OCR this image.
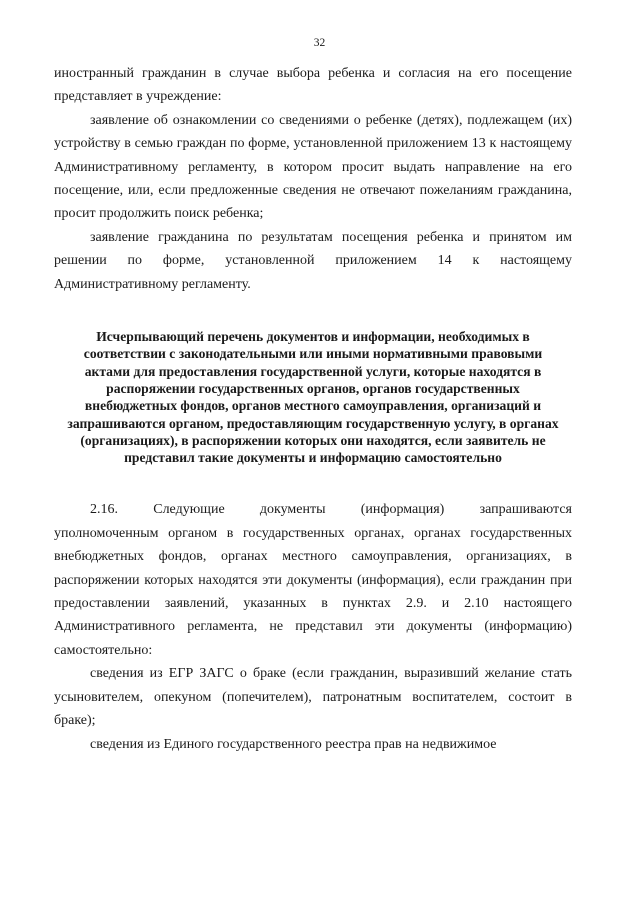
32

иностранный гражданин в случае выбора ребенка и согласия на его посещение представляет в учреждение:

заявление об ознакомлении со сведениями о ребенке (детях), подлежащем (их) устройству в семью граждан по форме, установленной приложением 13 к настоящему Административному регламенту, в котором просит выдать направление на его посещение, или, если предложенные сведения не отвечают пожеланиям гражданина, просит продолжить поиск ребенка;

заявление гражданина по результатам посещения ребенка и принятом им решении по форме, установленной приложением 14 к настоящему Административному регламенту.

Исчерпывающий перечень документов и информации, необходимых в соответствии с законодательными или иными нормативными правовыми актами для предоставления государственной услуги, которые находятся в распоряжении государственных органов, органов государственных внебюджетных фондов, органов местного самоуправления, организаций и запрашиваются органом, предоставляющим государственную услугу, в органах (организациях), в распоряжении которых они находятся, если заявитель не представил такие документы и информацию самостоятельно

2.16.	Следующие	документы	(информация)	запрашиваются

уполномоченным органом в государственных органах, органах государственных внебюджетных фондов, органах местного самоуправления, организациях, в распоряжении которых находятся эти документы (информация), если гражданин при предоставлении заявлений, указанных в пунктах 2.9. и 2.10 настоящего Административного регламента, не представил эти документы (информацию) самостоятельно:

сведения из ЕГР ЗАГС о браке (если гражданин, выразивший желание стать усыновителем, опекуном (попечителем), патронатным воспитателем, состоит в браке);

сведения из Единого государственного реестра прав на недвижимое
